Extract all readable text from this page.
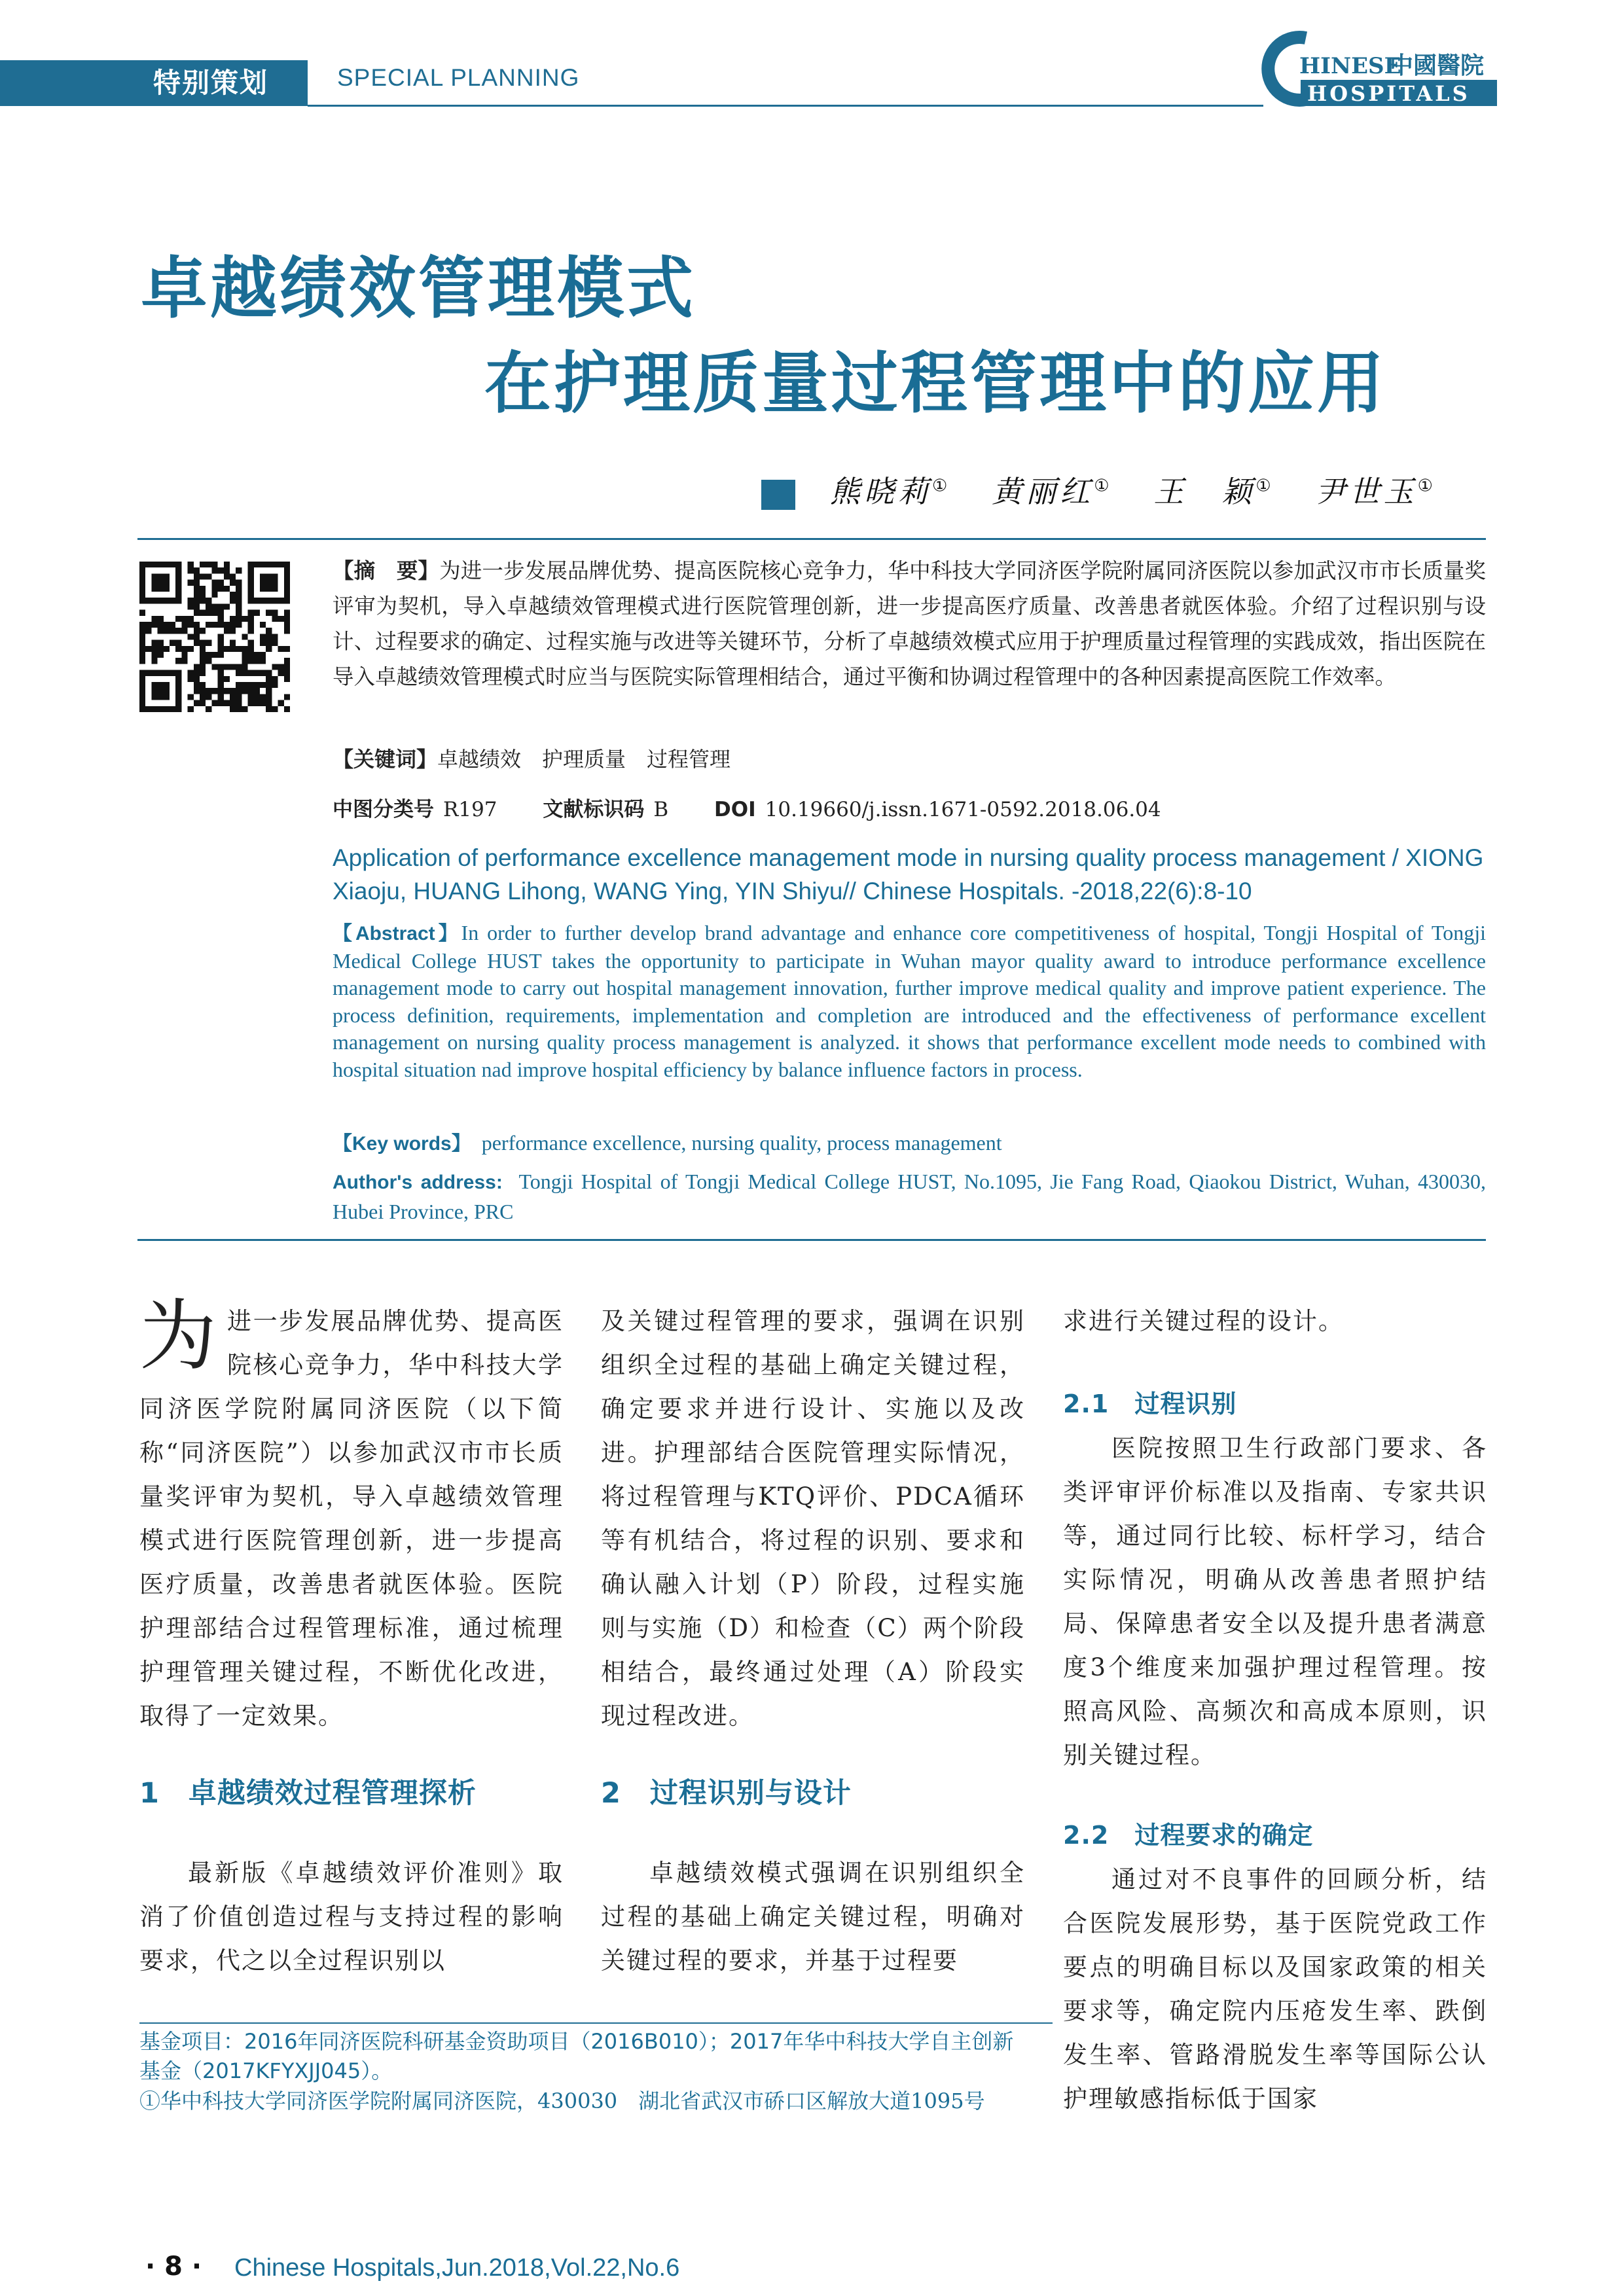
特别策划	SPECIAL PLANNING	HINESE
中國醫院
HOSPITALS
卓越绩效管理模式
在护理质量过程管理中的应用
熊晓莉① 黄丽红① 王　颖① 尹世玉①
【摘　要】为进一步发展品牌优势、提高医院核心竞争力，华中科技大学同济医学院附属同济医院以参加武汉市市长质量奖评审为契机，导入卓越绩效管理模式进行医院管理创新，进一步提高医疗质量、改善患者就医体验。介绍了过程识别与设计、过程要求的确定、过程实施与改进等关键环节，分析了卓越绩效模式应用于护理质量过程管理的实践成效，指出医院在导入卓越绩效管理模式时应当与医院实际管理相结合，通过平衡和协调过程管理中的各种因素提高医院工作效率。
【关键词】卓越绩效　护理质量　过程管理
中图分类号 R197 文献标识码 B DOI 10.19660/j.issn.1671-0592.2018.06.04
Application of performance excellence management mode in nursing quality process management / XIONG Xiaoju, HUANG Lihong, WANG Ying, YIN Shiyu// Chinese Hospitals. -2018,22(6):8-10
【Abstract】In order to further develop brand advantage and enhance core competitiveness of hospital, Tongji Hospital of Tongji Medical College HUST takes the opportunity to participate in Wuhan mayor quality award to introduce performance excellence management mode to carry out hospital management innovation, further improve medical quality and improve patient experience. The process definition, requirements, implementation and completion are introduced and the effectiveness of performance excellent management on nursing quality process management is analyzed. it shows that performance excellent mode needs to combined with hospital situation nad improve hospital efficiency by balance influence factors in process.
【Key words】 performance excellence, nursing quality, process management
Author's address: Tongji Hospital of Tongji Medical College HUST, No.1095, Jie Fang Road, Qiaokou District, Wuhan, 430030, Hubei Province, PRC

为进一步发展品牌优势、提高医院核心竞争力，华中科技大学同济医学院附属同济医院（以下简称“同济医院”）以参加武汉市市长质量奖评审为契机，导入卓越绩效管理模式进行医院管理创新，进一步提高医疗质量，改善患者就医体验。医院护理部结合过程管理标准，通过梳理护理管理关键过程，不断优化改进，取得了一定效果。

1　卓越绩效过程管理探析

最新版《卓越绩效评价准则》取消了价值创造过程与支持过程的影响要求，代之以全过程识别以

及关键过程管理的要求，强调在识别组织全过程的基础上确定关键过程，确定要求并进行设计、实施以及改进。护理部结合医院管理实际情况，将过程管理与KTQ评价、PDCA循环等有机结合，将过程的识别、要求和确认融入计划（P）阶段，过程实施则与实施（D）和检查（C）两个阶段相结合，最终通过处理（A）阶段实现过程改进。

2　过程识别与设计

卓越绩效模式强调在识别组织全过程的基础上确定关键过程，明确对关键过程的要求，并基于过程要

求进行关键过程的设计。

2.1　过程识别

医院按照卫生行政部门要求、各类评审评价标准以及指南、专家共识等，通过同行比较、标杆学习，结合实际情况，明确从改善患者照护结局、保障患者安全以及提升患者满意度3个维度来加强护理过程管理。按照高风险、高频次和高成本原则，识别关键过程。

2.2　过程要求的确定

通过对不良事件的回顾分析，结合医院发展形势，基于医院党政工作要点的明确目标以及国家政策的相关要求等，确定院内压疮发生率、跌倒发生率、管路滑脱发生率等国际公认护理敏感指标低于国家

基金项目：2016年同济医院科研基金资助项目（2016B010）；2017年华中科技大学自主创新基金（2017KFYXJJ045）。
①华中科技大学同济医学院附属同济医院，430030　湖北省武汉市硚口区解放大道1095号
· 8 · Chinese Hospitals,Jun.2018,Vol.22,No.6
